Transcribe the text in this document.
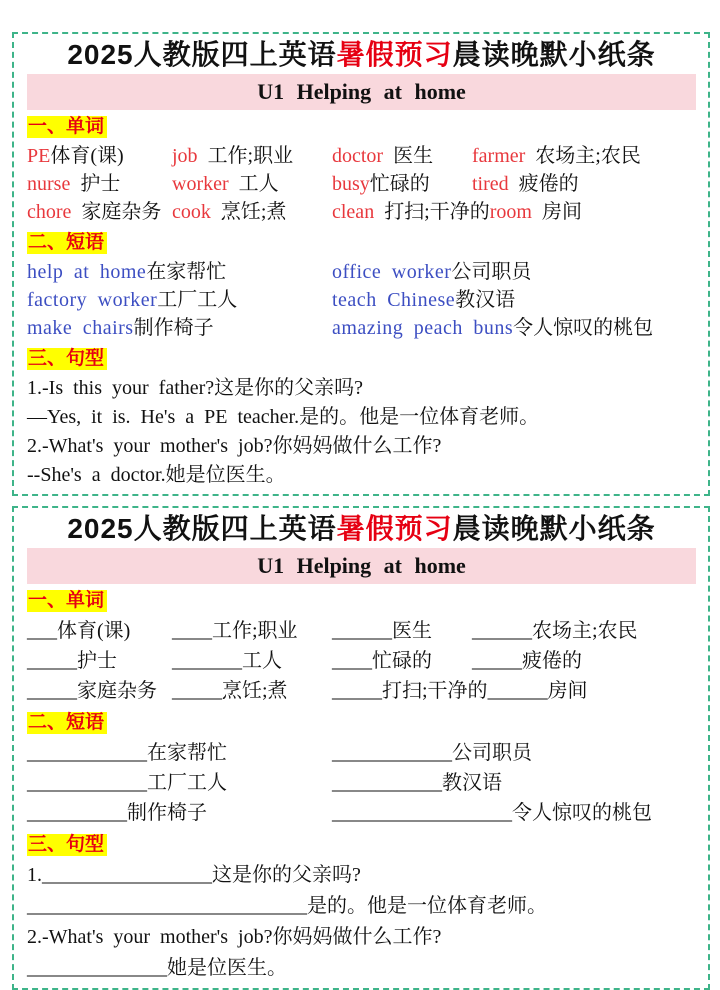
2025人教版四上英语暑假预习晨读晚默小纸条
U1 Helping at home
一、单词
PE体育(课)	job 工作;职业	doctor 医生	farmer 农场主;农民
nurse 护士	worker 工人	busy忙碌的	tired 疲倦的
chore 家庭杂务 cook 烹饪;煮	clean 打扫;干净的 room 房间
二、短语
help at home在家帮忙	office worker公司职员
factory worker工厂工人	teach Chinese教汉语
make chairs制作椅子	amazing peach buns令人惊叹的桃包
三、句型
1.-Is this your father?这是你的父亲吗?
—Yes, it is. He's a PE teacher.是的。他是一位体育老师。
2.-What's your mother's job?你妈妈做什么工作?
--She's a doctor.她是位医生。
2025人教版四上英语暑假预习晨读晚默小纸条
U1 Helping at home
一、单词
___体育(课)	____工作;职业	______医生	______农场主;农民
_____护士	_______工人	____忙碌的	_____疲倦的
_____家庭杂务 _____烹饪;煮	_____打扫;干净的 ______房间
二、短语
____________在家帮忙	____________公司职员
____________工厂工人	___________教汉语
__________制作椅子	__________________令人惊叹的桃包
三、句型
1._________________这是你的父亲吗?
____________________________是的。他是一位体育老师。
2.-What's your mother's job?你妈妈做什么工作?
______________她是位医生。
